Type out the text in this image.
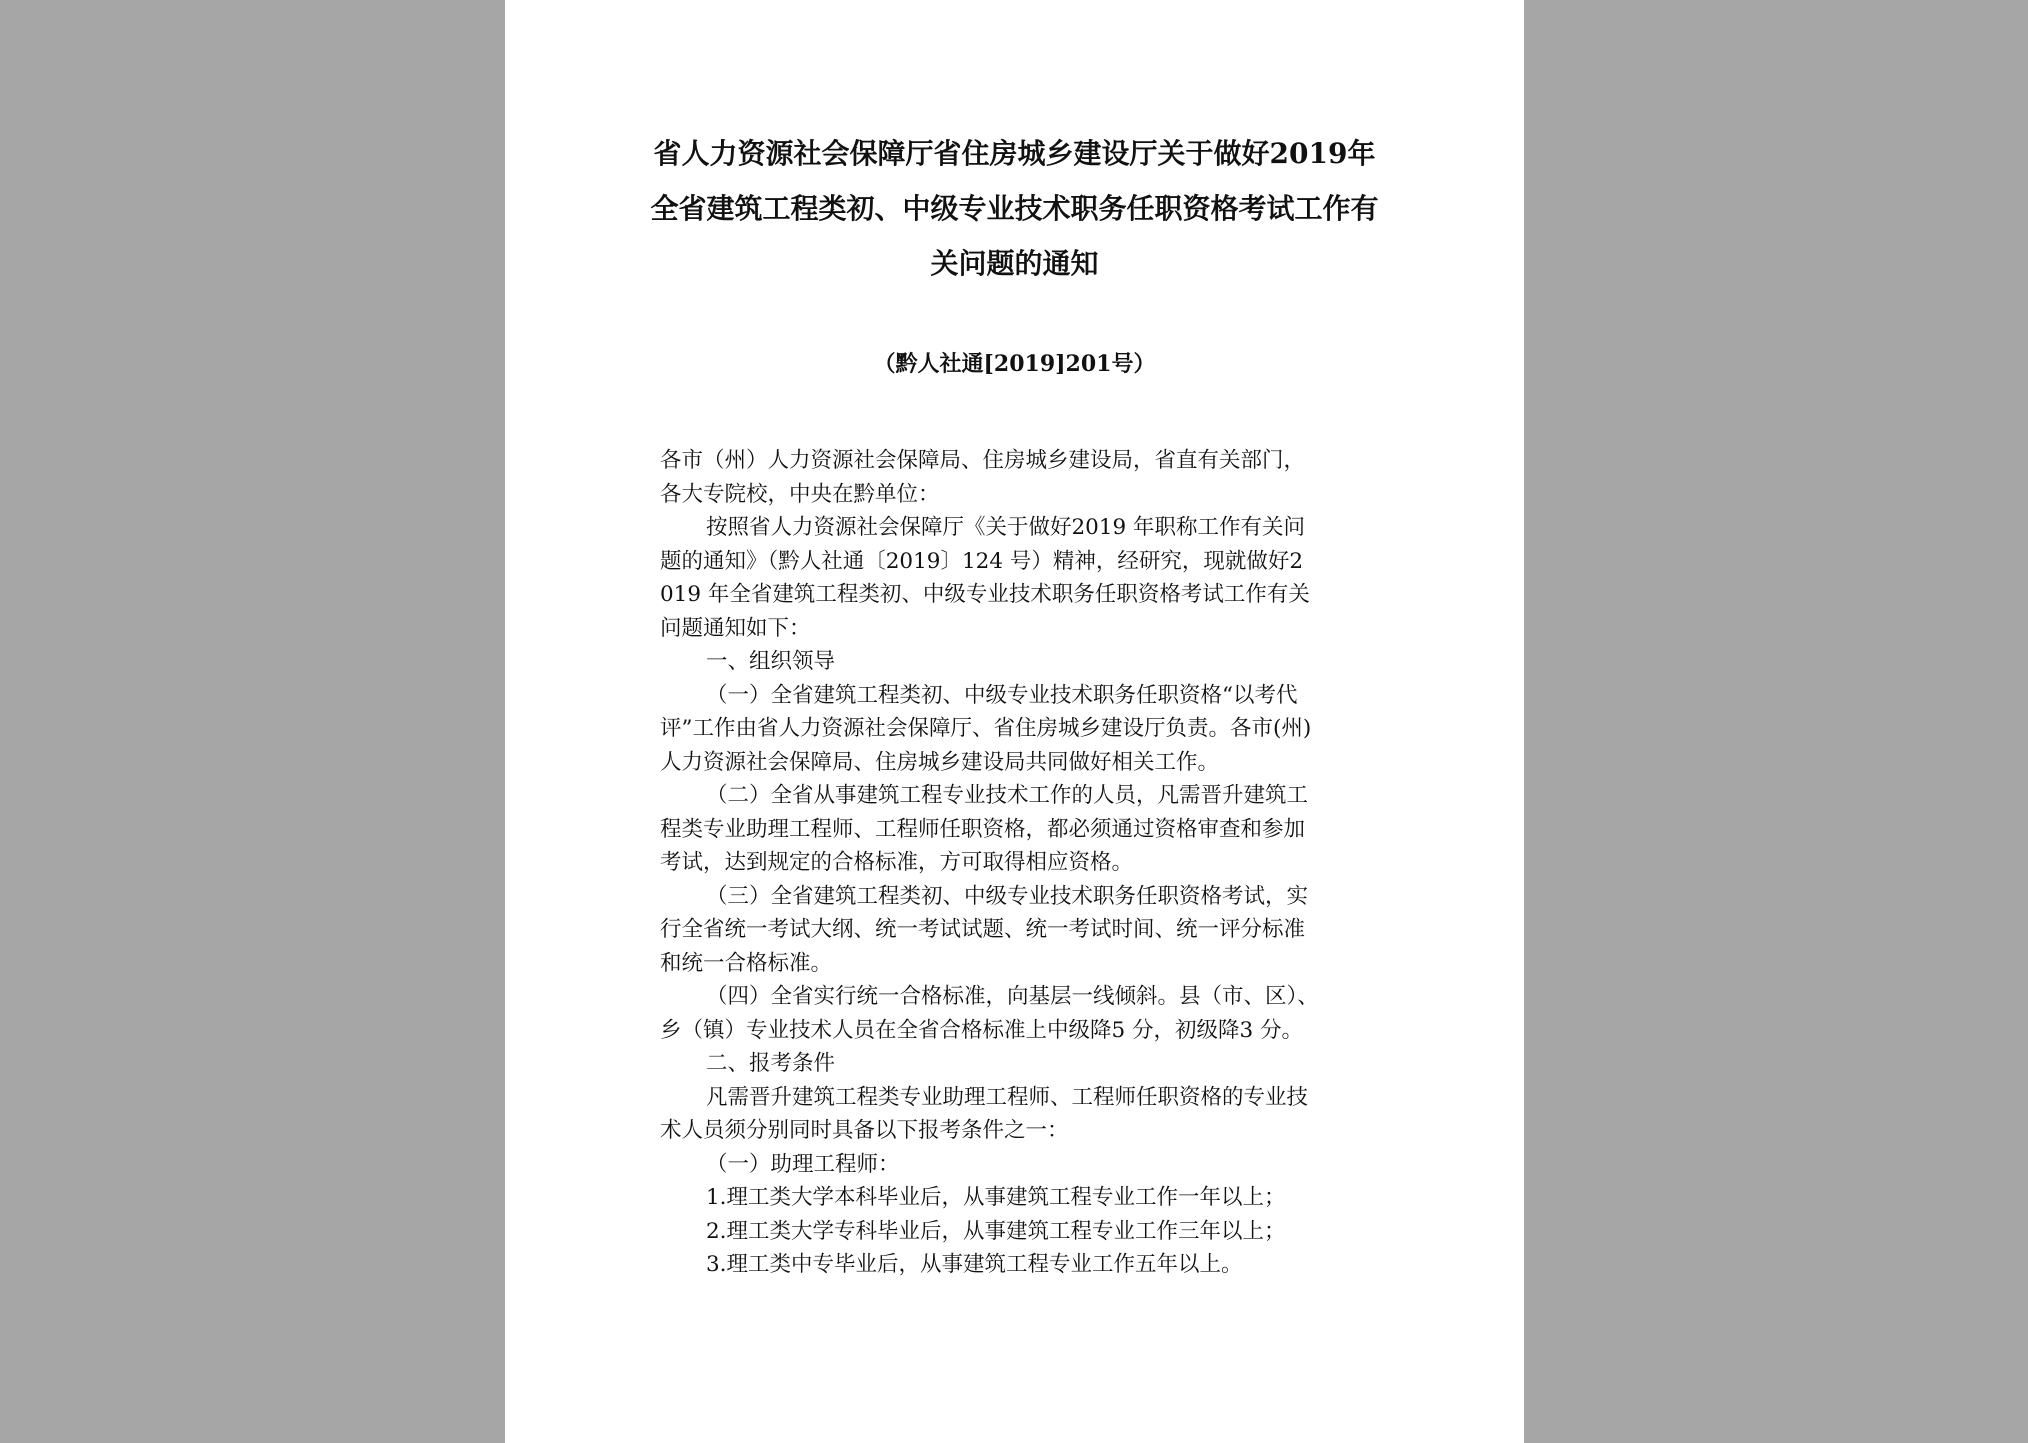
省人力资源社会保障厅省住房城乡建设厅关于做好2019年
全省建筑工程类初、中级专业技术职务任职资格考试工作有
关问题的通知
（黔人社通[2019]201号）
各市（州）人力资源社会保障局、住房城乡建设局，省直有关部门，
各大专院校，中央在黔单位：
按照省人力资源社会保障厅《关于做好2019 年职称工作有关问
题的通知》（黔人社通〔2019〕124 号）精神，经研究，现就做好2
019 年全省建筑工程类初、中级专业技术职务任职资格考试工作有关
问题通知如下：
一、组织领导
（一）全省建筑工程类初、中级专业技术职务任职资格“以考代
评”工作由省人力资源社会保障厅、省住房城乡建设厅负责。各市(州)
人力资源社会保障局、住房城乡建设局共同做好相关工作。
（二）全省从事建筑工程专业技术工作的人员，凡需晋升建筑工
程类专业助理工程师、工程师任职资格，都必须通过资格审查和参加
考试，达到规定的合格标准，方可取得相应资格。
（三）全省建筑工程类初、中级专业技术职务任职资格考试，实
行全省统一考试大纲、统一考试试题、统一考试时间、统一评分标准
和统一合格标准。
（四）全省实行统一合格标准，向基层一线倾斜。县（市、区）、
乡（镇）专业技术人员在全省合格标准上中级降5 分，初级降3 分。
二、报考条件
凡需晋升建筑工程类专业助理工程师、工程师任职资格的专业技
术人员须分别同时具备以下报考条件之一：
（一）助理工程师：
1.理工类大学本科毕业后，从事建筑工程专业工作一年以上；
2.理工类大学专科毕业后，从事建筑工程专业工作三年以上；
3.理工类中专毕业后，从事建筑工程专业工作五年以上。
